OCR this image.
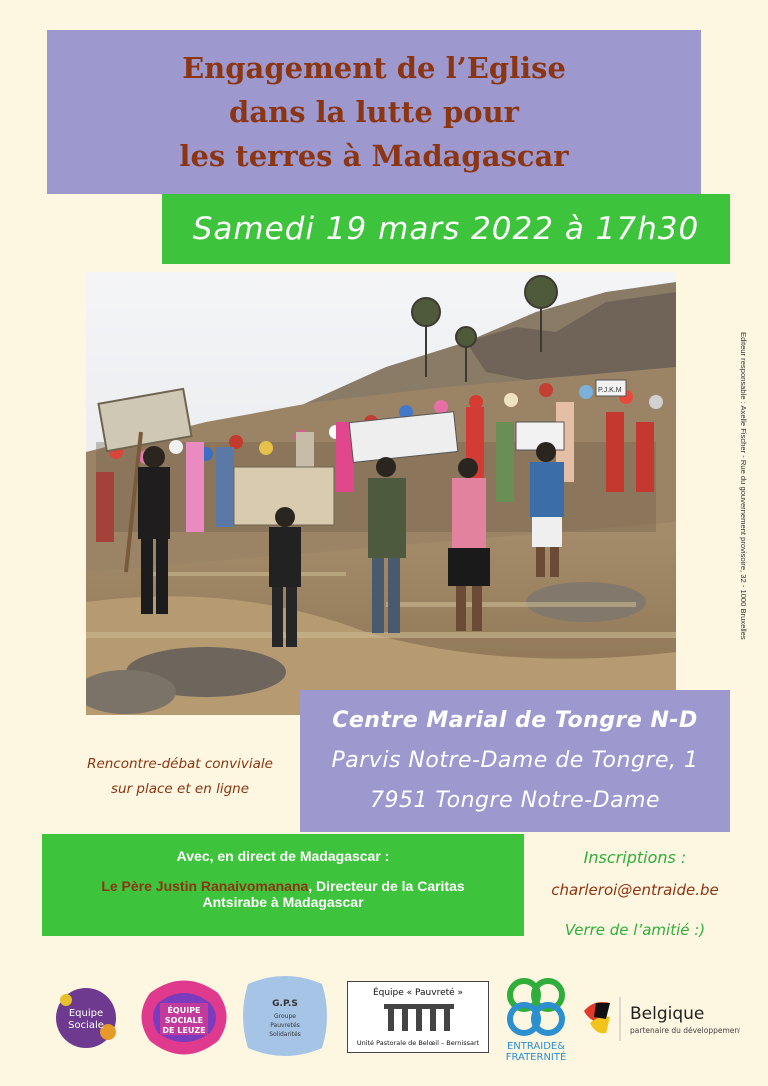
Engagement de l’Eglise
dans la lutte pour
les terres à Madagascar
Samedi 19 mars 2022 à 17h30
P.J.K.M	Editeur responsable : Axelle Fischer - Rue du gouvernement provisoire, 32 - 1000 Bruxelles
Centre Marial de Tongre N-D
Parvis Notre-Dame de Tongre, 1
7951 Tongre Notre-Dame
Rencontre-débat conviviale
sur place et en ligne
Avec, en direct de Madagascar :
Le Père Justin Ranaivomanana, Directeur de la Caritas
Antsirabe à Madagascar
Inscriptions :
charleroi@entraide.be
Verre de l’amitié :)
Equipe
Sociale
ÉQUIPE
SOCIALE
DE LEUZE
G.P.S
Groupe
Pauvretés
Solidarités
Équipe « Pauvreté »
Unité Pastorale de Belœil – Bernissart	ENTRAIDE&
FRATERNITÉ
Belgique
partenaire du développement
